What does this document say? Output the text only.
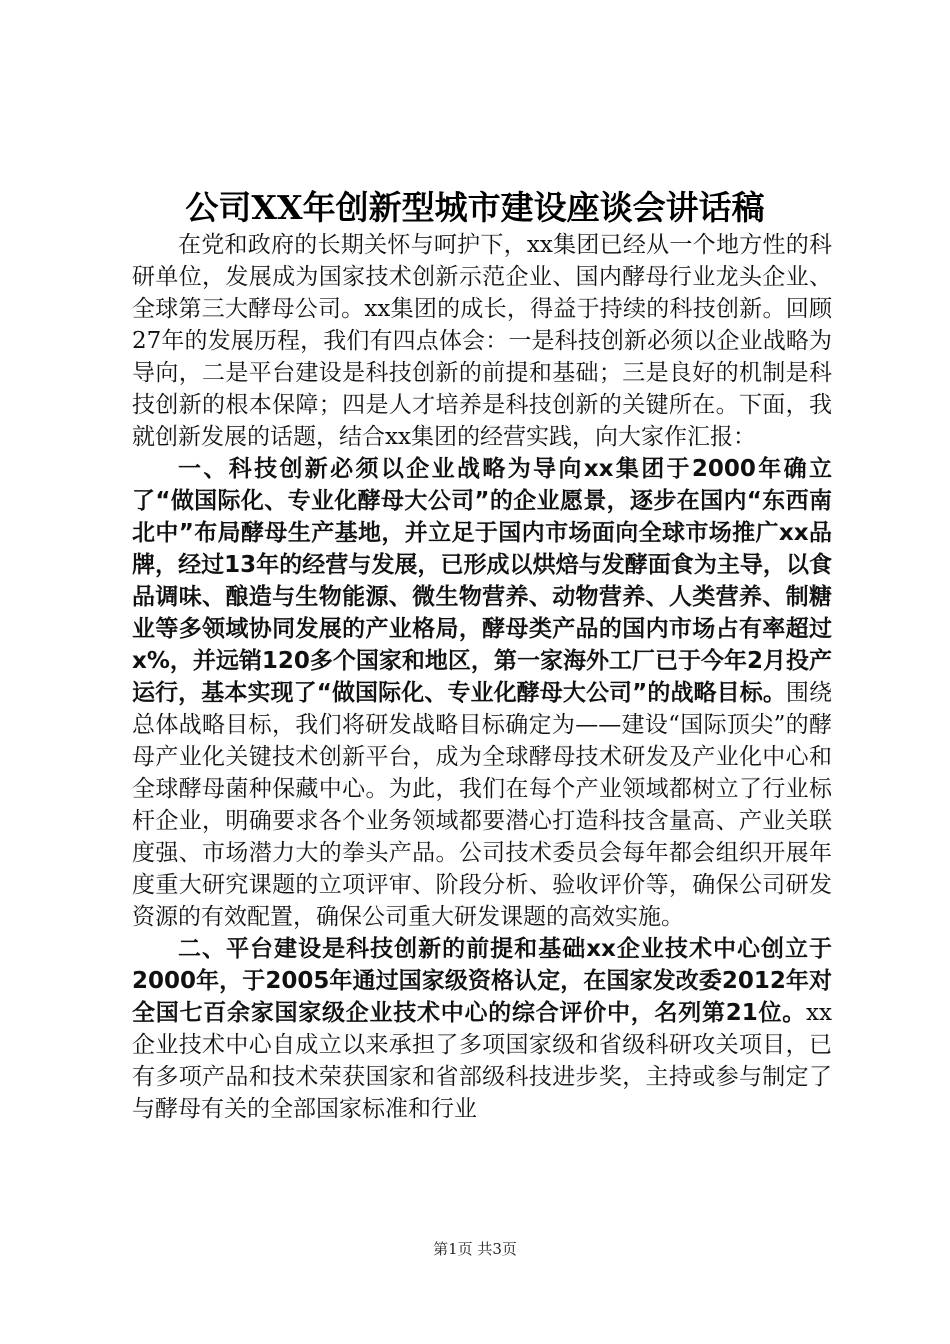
公司XX年创新型城市建设座谈会讲话稿

在党和政府的长期关怀与呵护下，xx集团已经从一个地方性的科研单位，发展成为国家技术创新示范企业、国内酵母行业龙头企业、全球第三大酵母公司。xx集团的成长，得益于持续的科技创新。回顾27年的发展历程，我们有四点体会：一是科技创新必须以企业战略为导向，二是平台建设是科技创新的前提和基础；三是良好的机制是科技创新的根本保障；四是人才培养是科技创新的关键所在。下面，我就创新发展的话题，结合xx集团的经营实践，向大家作汇报：

一、科技创新必须以企业战略为导向xx集团于2000年确立了“做国际化、专业化酵母大公司”的企业愿景，逐步在国内“东西南北中”布局酵母生产基地，并立足于国内市场面向全球市场推广xx品牌，经过13年的经营与发展，已形成以烘焙与发酵面食为主导，以食品调味、酿造与生物能源、微生物营养、动物营养、人类营养、制糖业等多领域协同发展的产业格局，酵母类产品的国内市场占有率超过x%，并远销120多个国家和地区，第一家海外工厂已于今年2月投产运行，基本实现了“做国际化、专业化酵母大公司”的战略目标。围绕总体战略目标，我们将研发战略目标确定为——建设“国际顶尖”的酵母产业化关键技术创新平台，成为全球酵母技术研发及产业化中心和全球酵母菌种保藏中心。为此，我们在每个产业领域都树立了行业标杆企业，明确要求各个业务领域都要潜心打造科技含量高、产业关联度强、市场潜力大的拳头产品。公司技术委员会每年都会组织开展年度重大研究课题的立项评审、阶段分析、验收评价等，确保公司研发资源的有效配置，确保公司重大研发课题的高效实施。

二、平台建设是科技创新的前提和基础xx企业技术中心创立于2000年，于2005年通过国家级资格认定，在国家发改委2012年对全国七百余家国家级企业技术中心的综合评价中，名列第21位。xx企业技术中心自成立以来承担了多项国家级和省级科研攻关项目，已有多项产品和技术荣获国家和省部级科技进步奖，主持或参与制定了与酵母有关的全部国家标准和行业

第1页 共3页
